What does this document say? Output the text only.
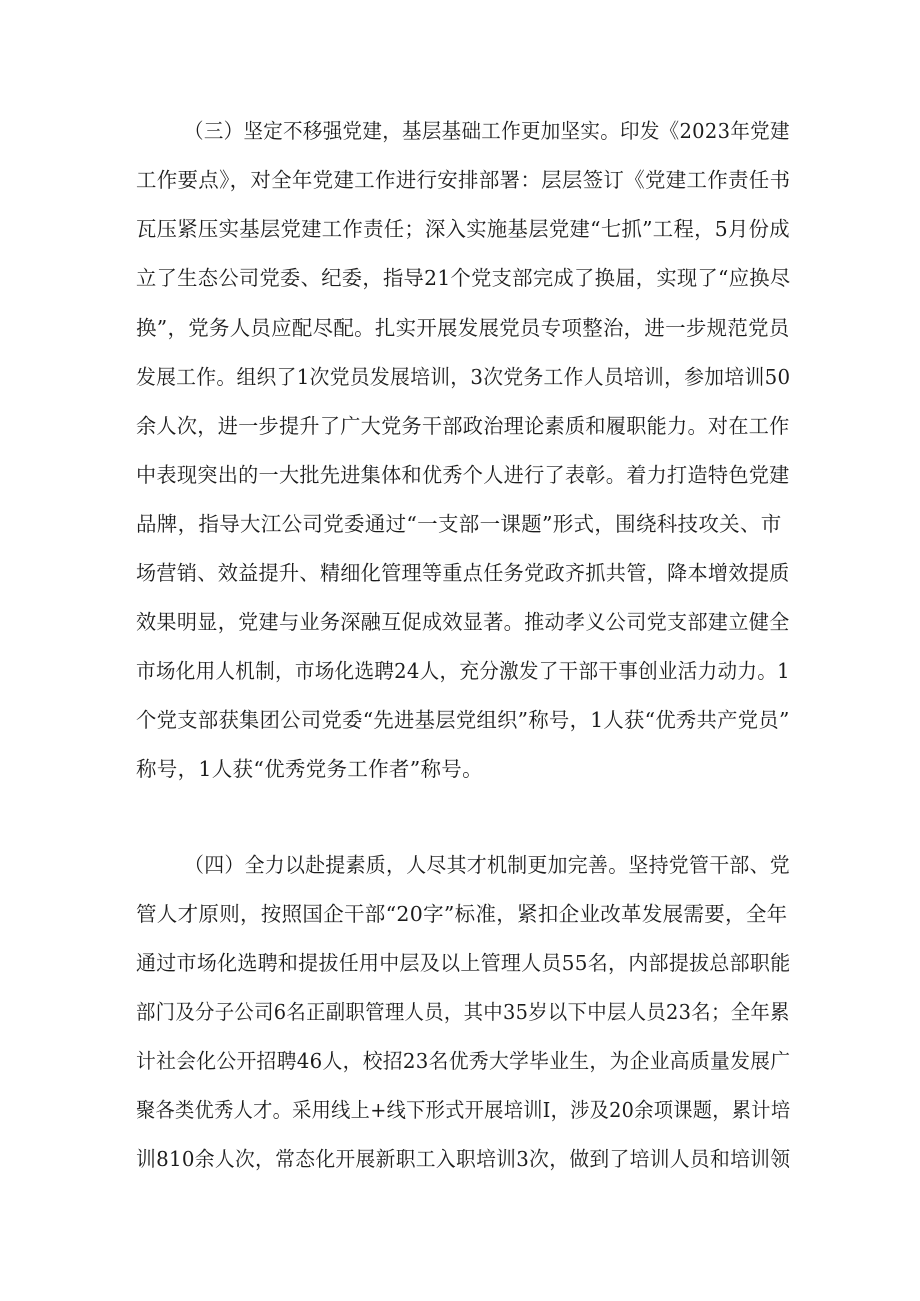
（三）坚定不移强党建，基层基础工作更加坚实。印发《2023年党建
工作要点》，对全年党建工作进行安排部署：层层签订《党建工作责任书
瓦压紧压实基层党建工作责任；深入实施基层党建“七抓”工程，5月份成
立了生态公司党委、纪委，指导21个党支部完成了换届，实现了“应换尽
换”，党务人员应配尽配。扎实开展发展党员专项整治，进一步规范党员
发展工作。组织了1次党员发展培训，3次党务工作人员培训，参加培训50
余人次，进一步提升了广大党务干部政治理论素质和履职能力。对在工作
中表现突出的一大批先进集体和优秀个人进行了表彰。着力打造特色党建
品牌，指导大江公司党委通过“一支部一课题”形式，围绕科技攻关、市
场营销、效益提升、精细化管理等重点任务党政齐抓共管，降本增效提质
效果明显，党建与业务深融互促成效显著。推动孝义公司党支部建立健全
市场化用人机制，市场化选聘24人，充分激发了干部干事创业活力动力。1
个党支部获集团公司党委“先进基层党组织”称号，1人获“优秀共产党员”
称号，1人获“优秀党务工作者”称号。
（四）全力以赴提素质，人尽其才机制更加完善。坚持党管干部、党
管人才原则，按照国企干部“20字”标准，紧扣企业改革发展需要，全年
通过市场化选聘和提拔任用中层及以上管理人员55名，内部提拔总部职能
部门及分子公司6名正副职管理人员，其中35岁以下中层人员23名；全年累
计社会化公开招聘46人，校招23名优秀大学毕业生，为企业高质量发展广
聚各类优秀人才。采用线上+线下形式开展培训I，涉及20余项课题，累计培
训810余人次，常态化开展新职工入职培训3次，做到了培训人员和培训领
